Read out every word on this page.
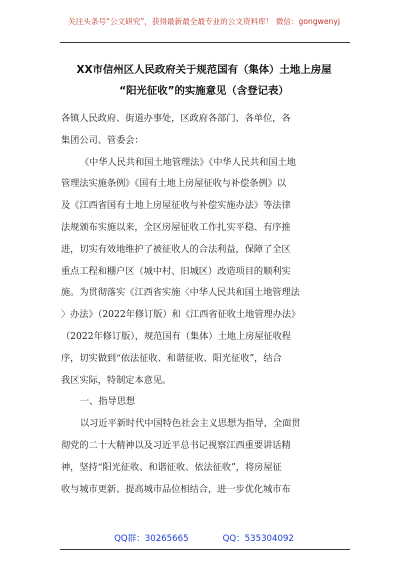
关注头条号“公文研究”，获得最新最全最专业的公文资料库！ 微信：gongwenyj
XX市信州区人民政府关于规范国有（集体）土地上房屋
“阳光征收”的实施意见（含登记表）
各镇人民政府、街道办事处，区政府各部门、各单位，各
集团公司、管委会：
《中华人民共和国土地管理法》《中华人民共和国土地
管理法实施条例》《国有土地上房屋征收与补偿条例》以
及《江西省国有土地上房屋征收与补偿实施办法》等法律
法规颁布实施以来，全区房屋征收工作扎实平稳、有序推
进，切实有效地维护了被征收人的合法利益，保障了全区
重点工程和棚户区（城中村、旧城区）改造项目的顺利实
施。为贯彻落实《江西省实施〈中华人民共和国土地管理法
〉办法》（2022年修订版）和《江西省征收土地管理办法》
（2022年修订版），规范国有（集体）土地上房屋征收程
序，切实做到“依法征收、和谐征收、阳光征收”，结合
我区实际，特制定本意见。
一、指导思想
以习近平新时代中国特色社会主义思想为指导，全面贯
彻党的二十大精神以及习近平总书记视察江西重要讲话精
神，坚持“阳光征收、和谐征收、依法征收”，将房屋征
收与城市更新、提高城市品位相结合，进一步优化城市布
QQ群：30265665	QQ：535304092
